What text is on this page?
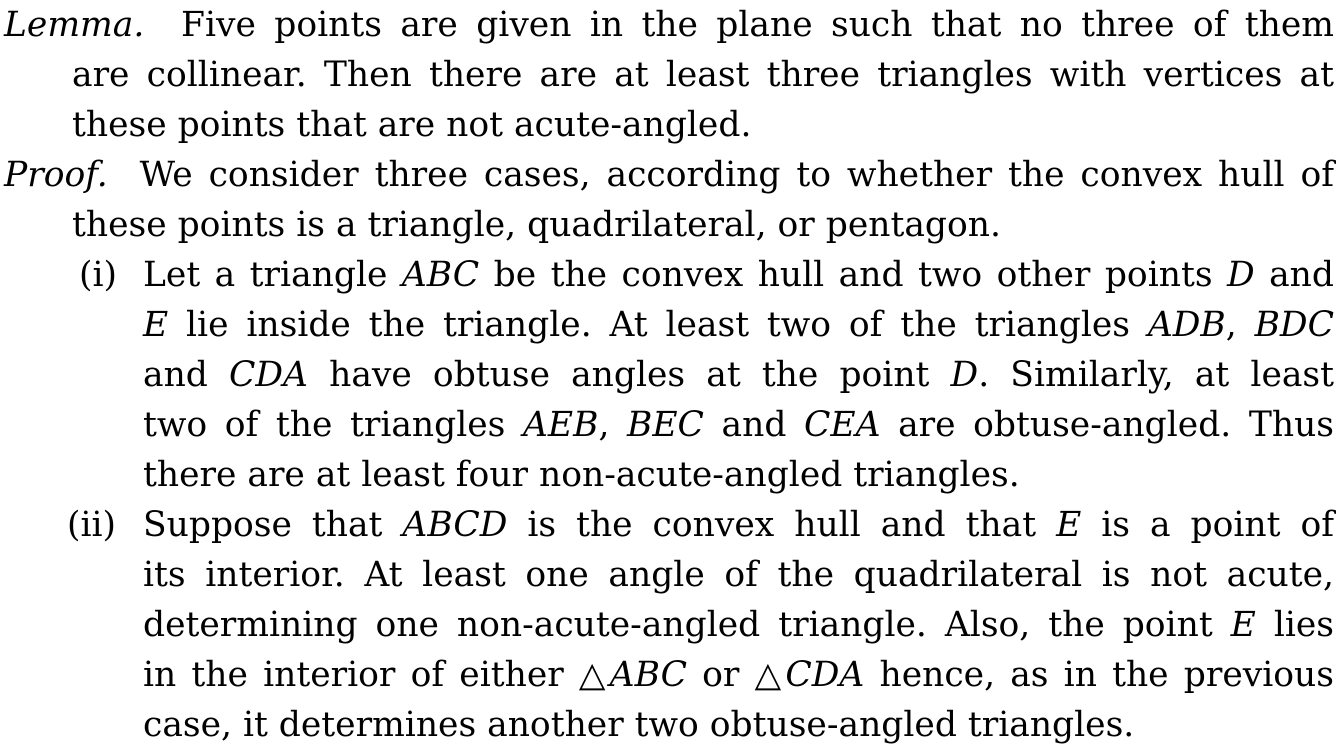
Lemma. Five points are given in the plane such that no three of them
are collinear. Then there are at least three triangles with vertices at
these points that are not acute-angled.
Proof. We consider three cases, according to whether the convex hull of
these points is a triangle, quadrilateral, or pentagon.
(i) Let a triangle ABC be the convex hull and two other points D and
E lie inside the triangle. At least two of the triangles ADB, BDC
and CDA have obtuse angles at the point D. Similarly, at least
two of the triangles AEB, BEC and CEA are obtuse-angled. Thus
there are at least four non-acute-angled triangles.
(ii) Suppose that ABCD is the convex hull and that E is a point of
its interior. At least one angle of the quadrilateral is not acute,
determining one non-acute-angled triangle. Also, the point E lies
in the interior of either △ABC or △CDA hence, as in the previous
case, it determines another two obtuse-angled triangles.
